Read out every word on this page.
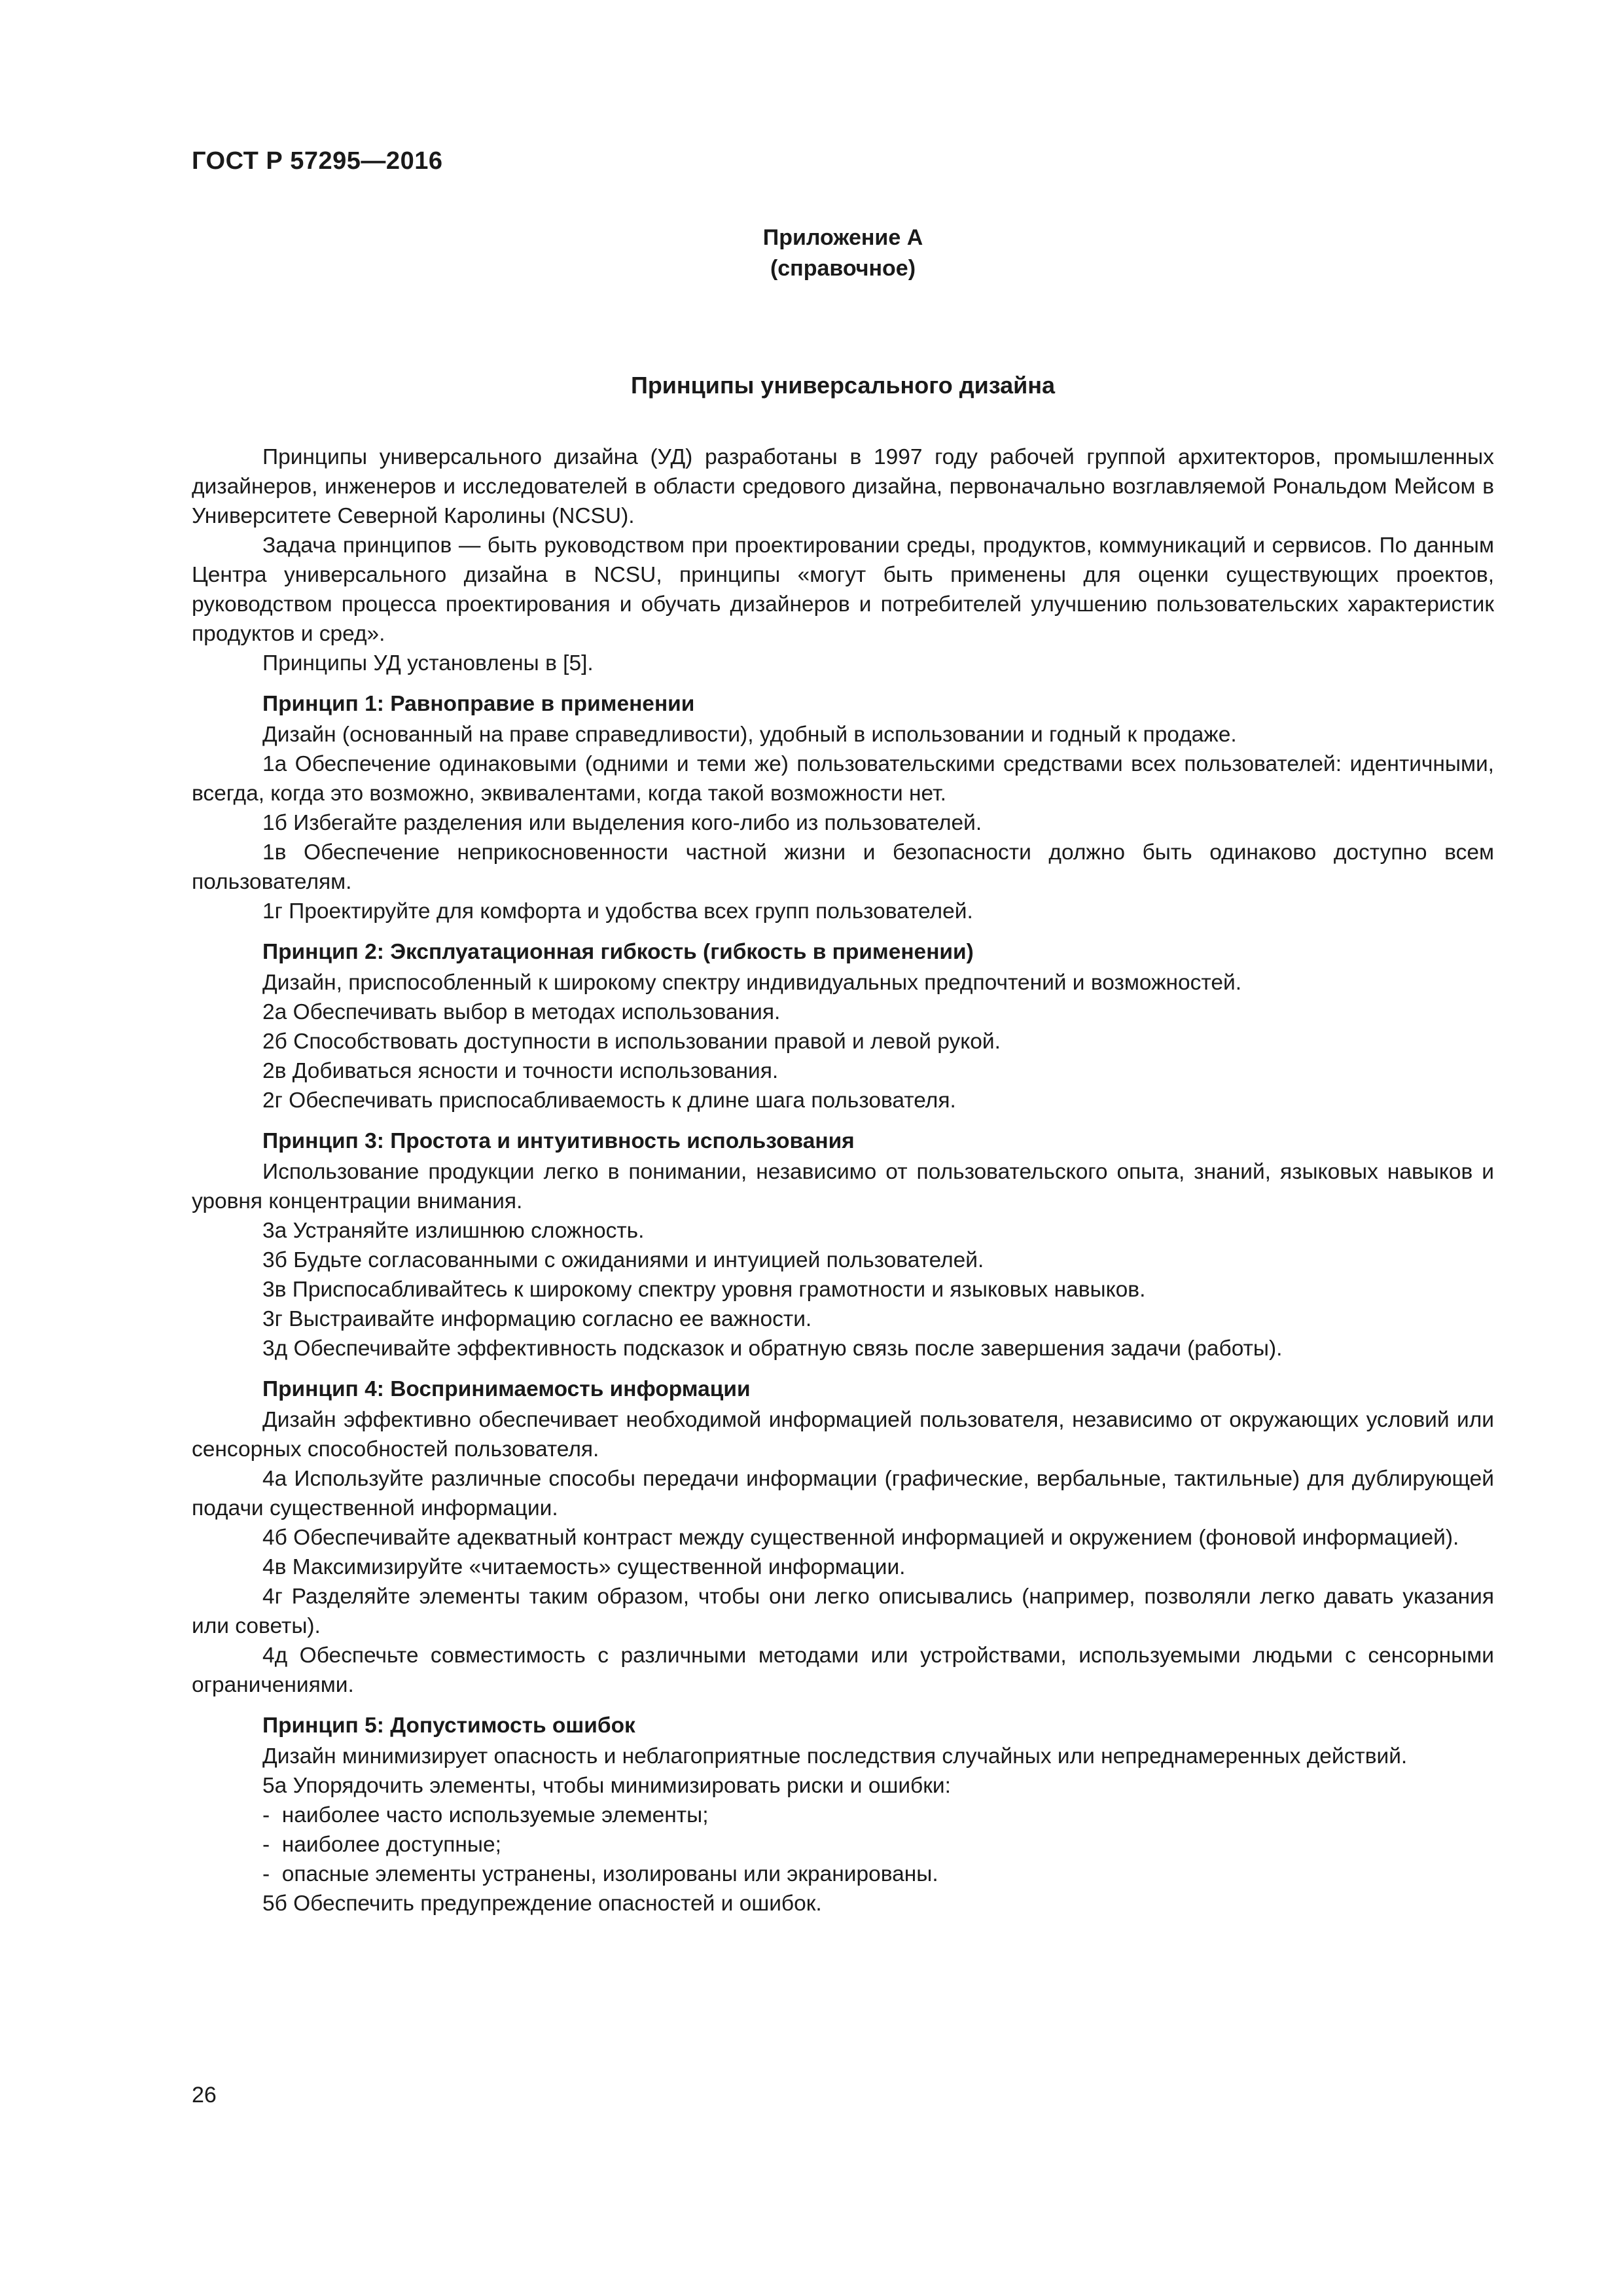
ГОСТ Р 57295—2016
Приложение А
(справочное)
Принципы универсального дизайна

Принципы универсального дизайна (УД) разработаны в 1997 году рабочей группой архитекторов, промышленных дизайнеров, инженеров и исследователей в области средового дизайна, первоначально возглавляемой Рональдом Мейсом в Университете Северной Каролины (NCSU).

Задача принципов — быть руководством при проектировании среды, продуктов, коммуникаций и сервисов. По данным Центра универсального дизайна в NCSU, принципы «могут быть применены для оценки существующих проектов, руководством процесса проектирования и обучать дизайнеров и потребителей улучшению пользовательских характеристик продуктов и сред».

Принципы УД установлены в [5].

Принцип 1: Равноправие в применении

Дизайн (основанный на праве справедливости), удобный в использовании и годный к продаже.

1а Обеспечение одинаковыми (одними и теми же) пользовательскими средствами всех пользователей: идентичными, всегда, когда это возможно, эквивалентами, когда такой возможности нет.

1б Избегайте разделения или выделения кого-либо из пользователей.

1в Обеспечение неприкосновенности частной жизни и безопасности должно быть одинаково доступно всем пользователям.

1г Проектируйте для комфорта и удобства всех групп пользователей.

Принцип 2: Эксплуатационная гибкость (гибкость в применении)

Дизайн, приспособленный к широкому спектру индивидуальных предпочтений и возможностей.

2а Обеспечивать выбор в методах использования.

2б Способствовать доступности в использовании правой и левой рукой.

2в Добиваться ясности и точности использования.

2г Обеспечивать приспосабливаемость к длине шага пользователя.

Принцип 3: Простота и интуитивность использования

Использование продукции легко в понимании, независимо от пользовательского опыта, знаний, языковых навыков и уровня концентрации внимания.

3а Устраняйте излишнюю сложность.

3б Будьте согласованными с ожиданиями и интуицией пользователей.

3в Приспосабливайтесь к широкому спектру уровня грамотности и языковых навыков.

3г Выстраивайте информацию согласно ее важности.

3д Обеспечивайте эффективность подсказок и обратную связь после завершения задачи (работы).

Принцип 4: Воспринимаемость информации

Дизайн эффективно обеспечивает необходимой информацией пользователя, независимо от окружающих условий или сенсорных способностей пользователя.

4а Используйте различные способы передачи информации (графические, вербальные, тактильные) для дублирующей подачи существенной информации.

4б Обеспечивайте адекватный контраст между существенной информацией и окружением (фоновой информацией).

4в Максимизируйте «читаемость» существенной информации.

4г Разделяйте элементы таким образом, чтобы они легко описывались (например, позволяли легко давать указания или советы).

4д Обеспечьте совместимость с различными методами или устройствами, используемыми людьми с сенсорными ограничениями.

Принцип 5: Допустимость ошибок

Дизайн минимизирует опасность и неблагоприятные последствия случайных или непреднамеренных действий.

5а Упорядочить элементы, чтобы минимизировать риски и ошибки:

-  наиболее часто используемые элементы;

-  наиболее доступные;

-  опасные элементы устранены, изолированы или экранированы.

5б Обеспечить предупреждение опасностей и ошибок.

26
